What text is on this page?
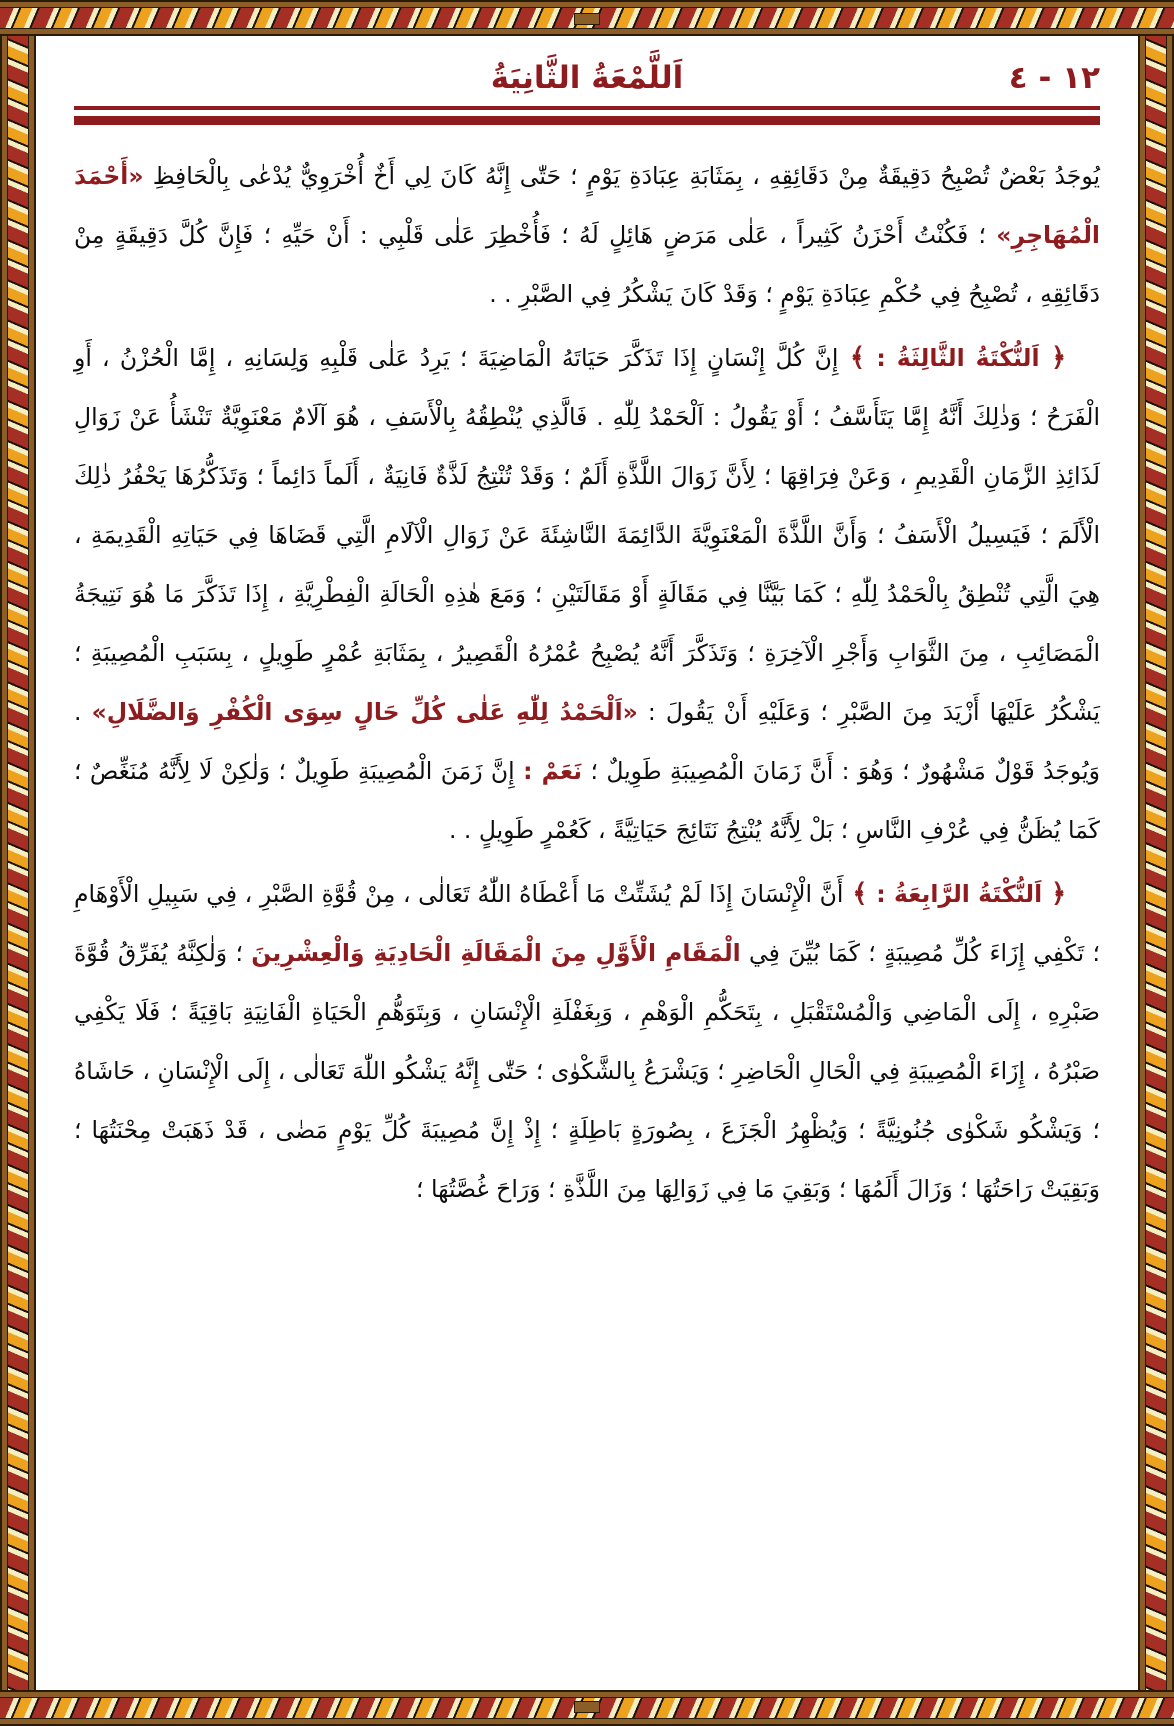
١٢ - ٤
اَللَّمْعَةُ الثَّانِيَةُ

يُوجَدُ بَعْضٌ تُصْبِحُ دَقِيقَةٌ مِنْ دَقَائِقِهِ ، بِمَثَابَةِ عِبَادَةِ يَوْمٍ ؛ حَتّٰى إِنَّهُ كَانَ لِي أَخٌ أُخْرَوِيٌّ يُدْعٰى بِالْحَافِظِ «أَحْمَدَ الْمُهَاجِرِ» ؛ فَكُنْتُ أَحْزَنُ كَثِيراً ، عَلٰى مَرَضٍ هَائِلٍ لَهُ ؛ فَأُخْطِرَ عَلٰى قَلْبِي : أَنْ حَيِّهِ ؛ فَإِنَّ كُلَّ دَقِيقَةٍ مِنْ دَقَائِقِهِ ، تُصْبِحُ فِي حُكْمِ عِبَادَةِ يَوْمٍ ؛ وَقَدْ كَانَ يَشْكُرُ فِي الصَّبْرِ . .

﴿ اَلنُّكْتَةُ الثَّالِثَةُ : ﴾ إِنَّ كُلَّ إِنْسَانٍ إِذَا تَذَكَّرَ حَيَاتَهُ الْمَاضِيَةَ ؛ يَرِدُ عَلٰى قَلْبِهِ وَلِسَانِهِ ، إِمَّا الْحُزْنُ ، أَوِ الْفَرَحُ ؛ وَذٰلِكَ أَنَّهُ إِمَّا يَتَأَسَّفُ ؛ أَوْ يَقُولُ : اَلْحَمْدُ لِلّٰهِ . فَالَّذِي يُنْطِقُهُ بِالْأَسَفِ ، هُوَ آلَامٌ مَعْنَوِيَّةٌ تَنْشَأُ عَنْ زَوَالِ لَذَائِذِ الزَّمَانِ الْقَدِيمِ ، وَعَنْ فِرَاقِهَا ؛ لِأَنَّ زَوَالَ اللَّذَّةِ أَلَمٌ ؛ وَقَدْ تُنْتِجُ لَذَّةٌ فَانِيَةٌ ، أَلَماً دَائِماً ؛ وَتَذَكُّرُهَا يَحْفُرُ ذٰلِكَ الْأَلَمَ ؛ فَيَسِيلُ الْأَسَفُ ؛ وَأَنَّ اللَّذَّةَ الْمَعْنَوِيَّةَ الدَّائِمَةَ النَّاشِئَةَ عَنْ زَوَالِ الْآلَامِ الَّتِي قَضَاهَا فِي حَيَاتِهِ الْقَدِيمَةِ ، هِيَ الَّتِي تُنْطِقُ بِالْحَمْدُ لِلّٰهِ ؛ كَمَا بَيَّنَّا فِي مَقَالَةٍ أَوْ مَقَالَتَيْنِ ؛ وَمَعَ هٰذِهِ الْحَالَةِ الْفِطْرِيَّةِ ، إِذَا تَذَكَّرَ مَا هُوَ نَتِيجَةُ الْمَصَائِبِ ، مِنَ الثَّوَابِ وَأَجْرِ الْآخِرَةِ ؛ وَتَذَكَّرَ أَنَّهُ يُصْبِحُ عُمْرُهُ الْقَصِيرُ ، بِمَثَابَةِ عُمْرٍ طَوِيلٍ ، بِسَبَبِ الْمُصِيبَةِ ؛ يَشْكُرُ عَلَيْهَا أَزْيَدَ مِنَ الصَّبْرِ ؛ وَعَلَيْهِ أَنْ يَقُولَ : «اَلْحَمْدُ لِلّٰهِ عَلٰى كُلِّ حَالٍ سِوَى الْكُفْرِ وَالضَّلَالِ» . وَيُوجَدُ قَوْلٌ مَشْهُورٌ ؛ وَهُوَ : أَنَّ زَمَانَ الْمُصِيبَةِ طَوِيلٌ ؛ نَعَمْ : إِنَّ زَمَنَ الْمُصِيبَةِ طَوِيلٌ ؛ وَلٰكِنْ لَا لِأَنَّهُ مُنَغِّصٌ ؛ كَمَا يُظَنُّ فِي عُرْفِ النَّاسِ ؛ بَلْ لِأَنَّهُ يُنْتِجُ نَتَائِجَ حَيَاتِيَّةً ، كَعُمْرٍ طَوِيلٍ . .

﴿ اَلنُّكْتَةُ الرَّابِعَةُ : ﴾ أَنَّ الْإِنْسَانَ إِذَا لَمْ يُشَتِّتْ مَا أَعْطَاهُ اللّٰهُ تَعَالٰى ، مِنْ قُوَّةِ الصَّبْرِ ، فِي سَبِيلِ الْأَوْهَامِ ؛ تَكْفِي إِزَاءَ كُلِّ مُصِيبَةٍ ؛ كَمَا بُيِّنَ فِي الْمَقَامِ الْأَوَّلِ مِنَ الْمَقَالَةِ الْحَادِيَةِ وَالْعِشْرِينَ ؛ وَلٰكِنَّهُ يُفَرِّقُ قُوَّةَ صَبْرِهِ ، إِلَى الْمَاضِي وَالْمُسْتَقْبَلِ ، بِتَحَكُّمِ الْوَهْمِ ، وَبِغَفْلَةِ الْإِنْسَانِ ، وَبِتَوَهُّمِ الْحَيَاةِ الْفَانِيَةِ بَاقِيَةً ؛ فَلَا يَكْفِي صَبْرُهُ ، إِزَاءَ الْمُصِيبَةِ فِي الْحَالِ الْحَاضِرِ ؛ وَيَشْرَعُ بِالشَّكْوٰى ؛ حَتّٰى إِنَّهُ يَشْكُو اللّٰهَ تَعَالٰى ، إِلَى الْإِنْسَانِ ، حَاشَاهُ ؛ وَيَشْكُو شَكْوٰى جُنُونِيَّةً ؛ وَيُظْهِرُ الْجَزَعَ ، بِصُورَةٍ بَاطِلَةٍ ؛ إِذْ إِنَّ مُصِيبَةَ كُلِّ يَوْمٍ مَضٰى ، قَدْ ذَهَبَتْ مِحْنَتُهَا ؛ وَبَقِيَتْ رَاحَتُهَا ؛ وَزَالَ أَلَمُهَا ؛ وَبَقِيَ مَا فِي زَوَالِهَا مِنَ اللَّذَّةِ ؛ وَرَاحَ غُصَّتُهَا ؛
